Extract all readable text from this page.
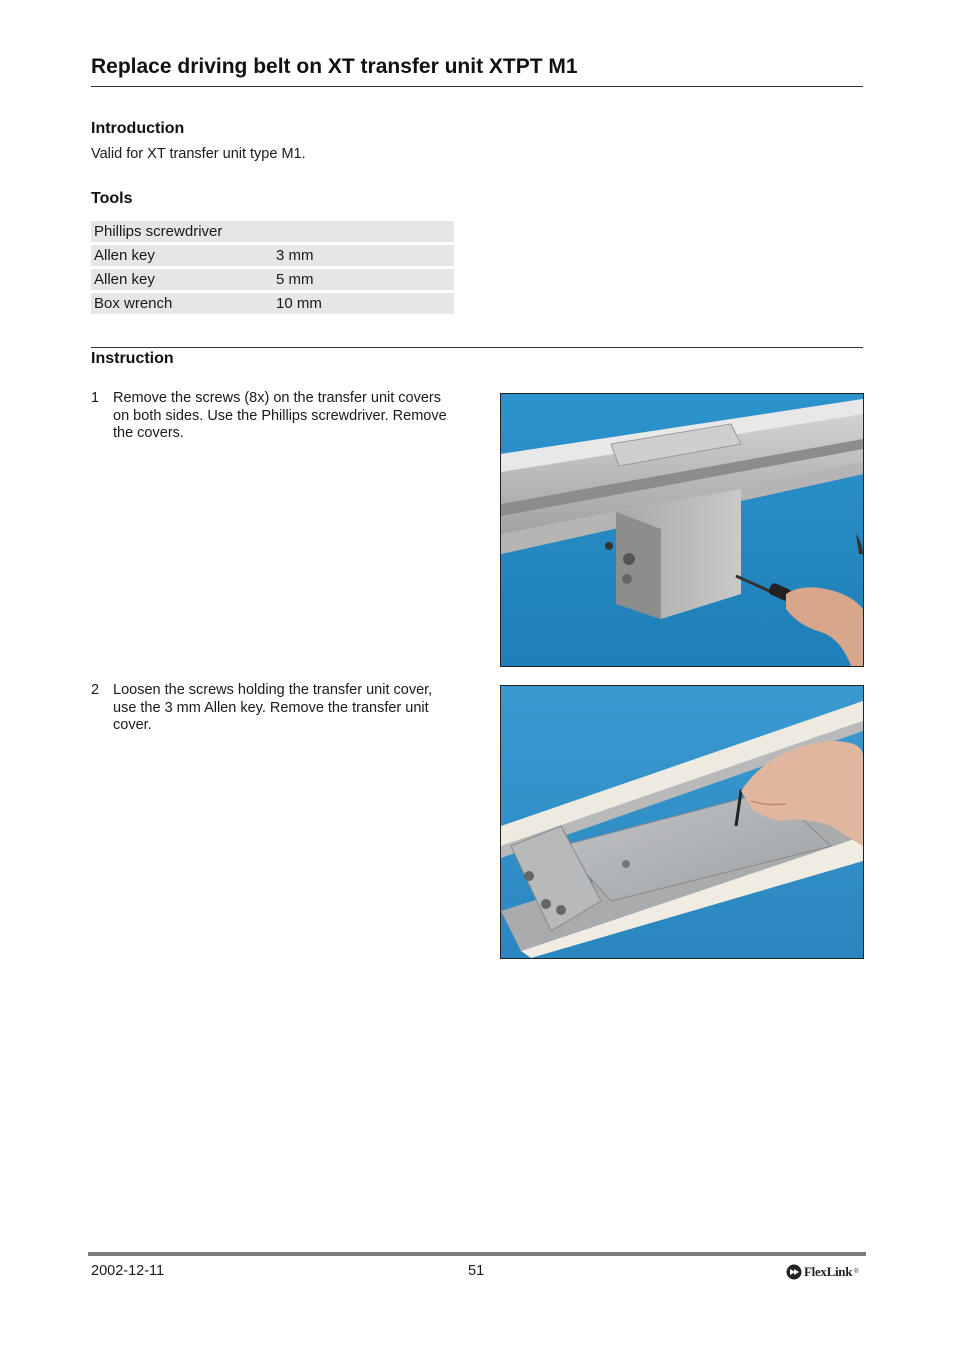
Replace driving belt on XT transfer unit XTPT M1
Introduction

Valid for XT transfer unit type M1.

Tools
Phillips screwdriver
Allen key	3 mm
Allen key	5 mm
Box wrench	10 mm
Instruction
1 Remove the screws (8x) on the transfer unit covers on both sides. Use the Phillips screwdriver. Remove the covers.
2 Loosen the screws holding the transfer unit cover, use the 3 mm Allen key. Remove the transfer unit cover.
2002-12-11	51	FlexLink ®
